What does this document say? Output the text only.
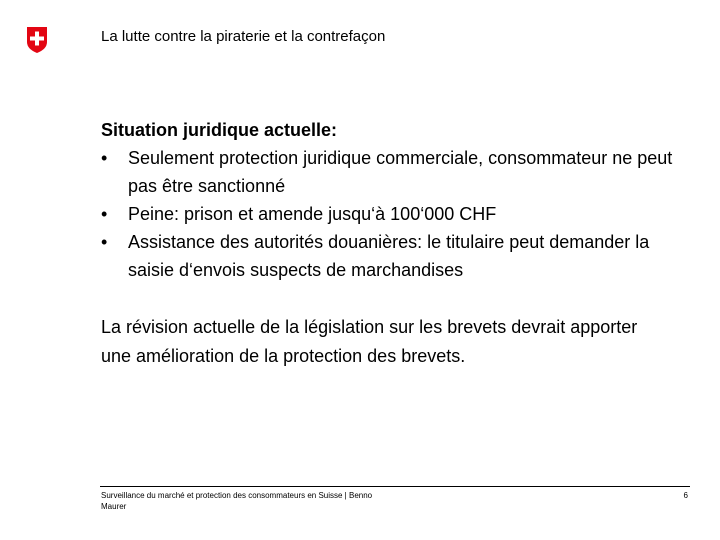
La lutte contre la piraterie et la contrefaçon

Situation juridique actuelle:

• Seulement protection juridique commerciale, consommateur ne peut pas être sanctionné
• Peine: prison et amende jusqu‘à 100‘000 CHF
• Assistance des autorités douanières: le titulaire peut demander la saisie d‘envois suspects de marchandises

La révision actuelle de la législation sur les brevets devrait apporter une amélioration de la protection des brevets.

Surveillance du marché et protection des consommateurs en Suisse | Benno Maurer
6
